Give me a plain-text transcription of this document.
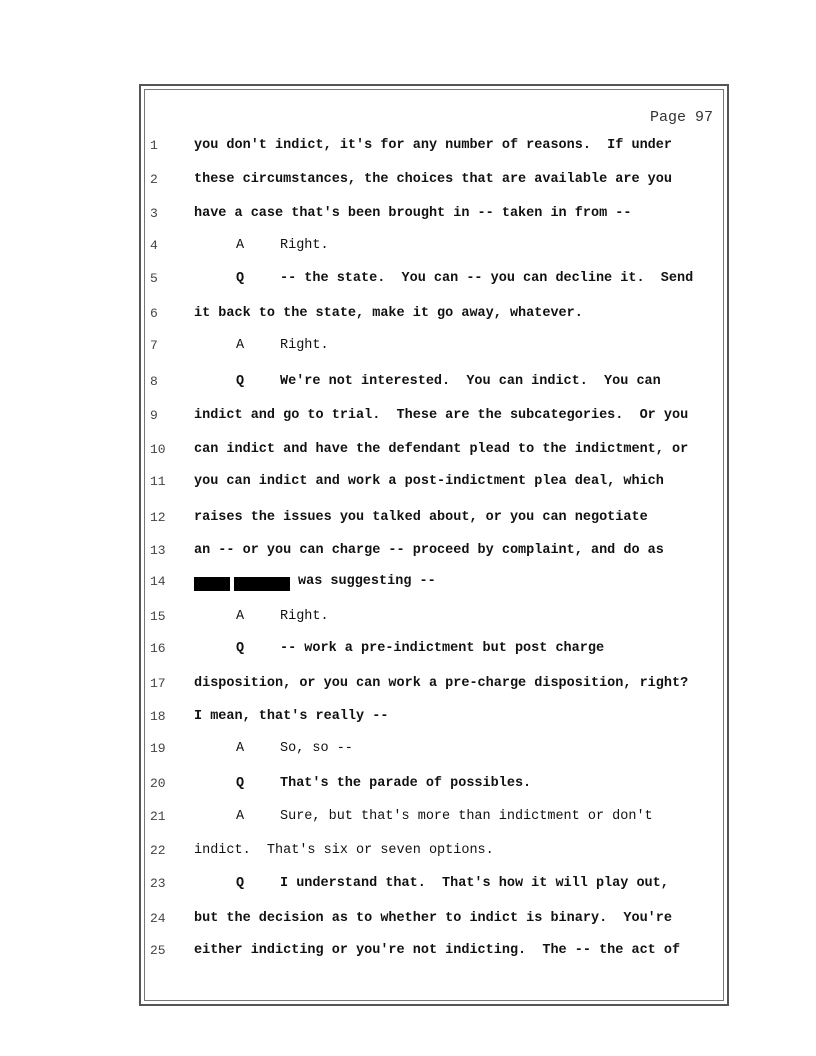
Page 97
1	you don't indict, it's for any number of reasons.  If under
2	these circumstances, the choices that are available are you
3	have a case that's been brought in -- taken in from --
4	A	Right.
5	Q	-- the state.  You can -- you can decline it.  Send
6	it back to the state, make it go away, whatever.
7	A	Right.
8	Q	We're not interested.  You can indict.  You can
9	indict and go to trial.  These are the subcategories.  Or you
10	can indict and have the defendant plead to the indictment, or
11	you can indict and work a post-indictment plea deal, which
12	raises the issues you talked about, or you can negotiate
13	an -- or you can charge -- proceed by complaint, and do as
14	was suggesting --
15	A	Right.
16	Q	-- work a pre-indictment but post charge
17	disposition, or you can work a pre-charge disposition, right?
18	I mean, that's really --
19	A	So, so --
20	Q	That's the parade of possibles.
21	A	Sure, but that's more than indictment or don't
22	indict.  That's six or seven options.
23	Q	I understand that.  That's how it will play out,
24	but the decision as to whether to indict is binary.  You're
25	either indicting or you're not indicting.  The -- the act of
